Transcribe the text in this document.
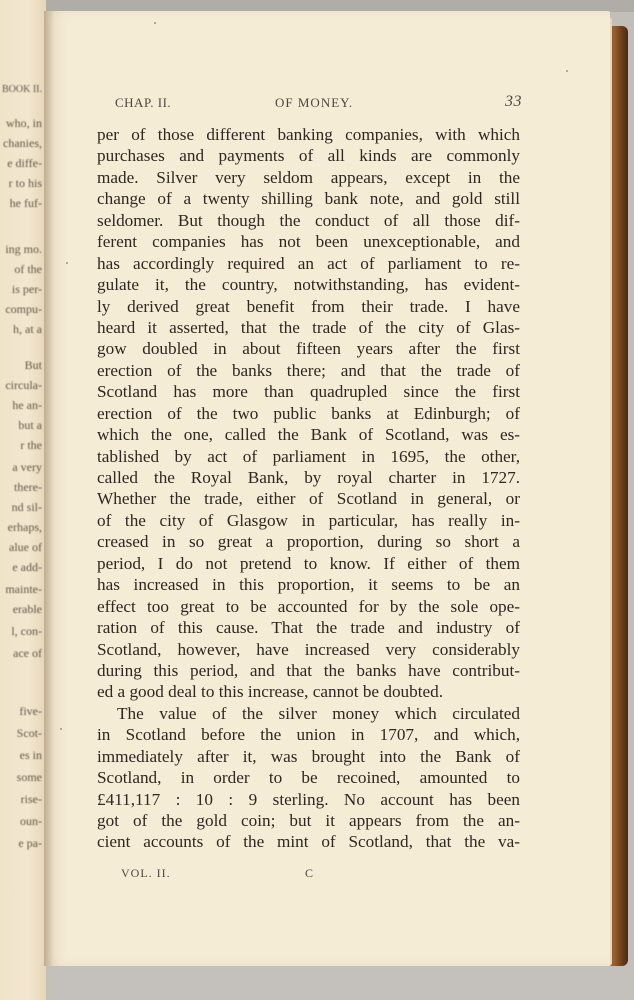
BOOK II.
who, in
chanies,
e diffe-
r to his
he fuf-
ing mo.
of the
is per-
compu-
h, at a
But
circula-
he an-
but a
r the
a very
there-
nd sil-
erhaps,
alue of
e add-
mainte-
erable
l, con-
ace of
five-
Scot-
es in
some
rise-
oun-
e pa-
CHAP. II.	OF MONEY.	33
per of those different banking companies, with which
purchases and payments of all kinds are commonly
made. Silver very seldom appears, except in the
change of a twenty shilling bank note, and gold still
seldomer. But though the conduct of all those dif-
ferent companies has not been unexceptionable, and
has accordingly required an act of parliament to re-
gulate it, the country, notwithstanding, has evident-
ly derived great benefit from their trade. I have
heard it asserted, that the trade of the city of Glas-
gow doubled in about fifteen years after the first
erection of the banks there; and that the trade of
Scotland has more than quadrupled since the first
erection of the two public banks at Edinburgh; of
which the one, called the Bank of Scotland, was es-
tablished by act of parliament in 1695, the other,
called the Royal Bank, by royal charter in 1727.
Whether the trade, either of Scotland in general, or
of the city of Glasgow in particular, has really in-
creased in so great a proportion, during so short a
period, I do not pretend to know. If either of them
has increased in this proportion, it seems to be an
effect too great to be accounted for by the sole ope-
ration of this cause. That the trade and industry of
Scotland, however, have increased very considerably
during this period, and that the banks have contribut-
ed a good deal to this increase, cannot be doubted.
The value of the silver money which circulated
in Scotland before the union in 1707, and which,
immediately after it, was brought into the Bank of
Scotland, in order to be recoined, amounted to
£411,117 : 10 : 9 sterling. No account has been
got of the gold coin; but it appears from the an-
cient accounts of the mint of Scotland, that the va-
VOL. II.	C
